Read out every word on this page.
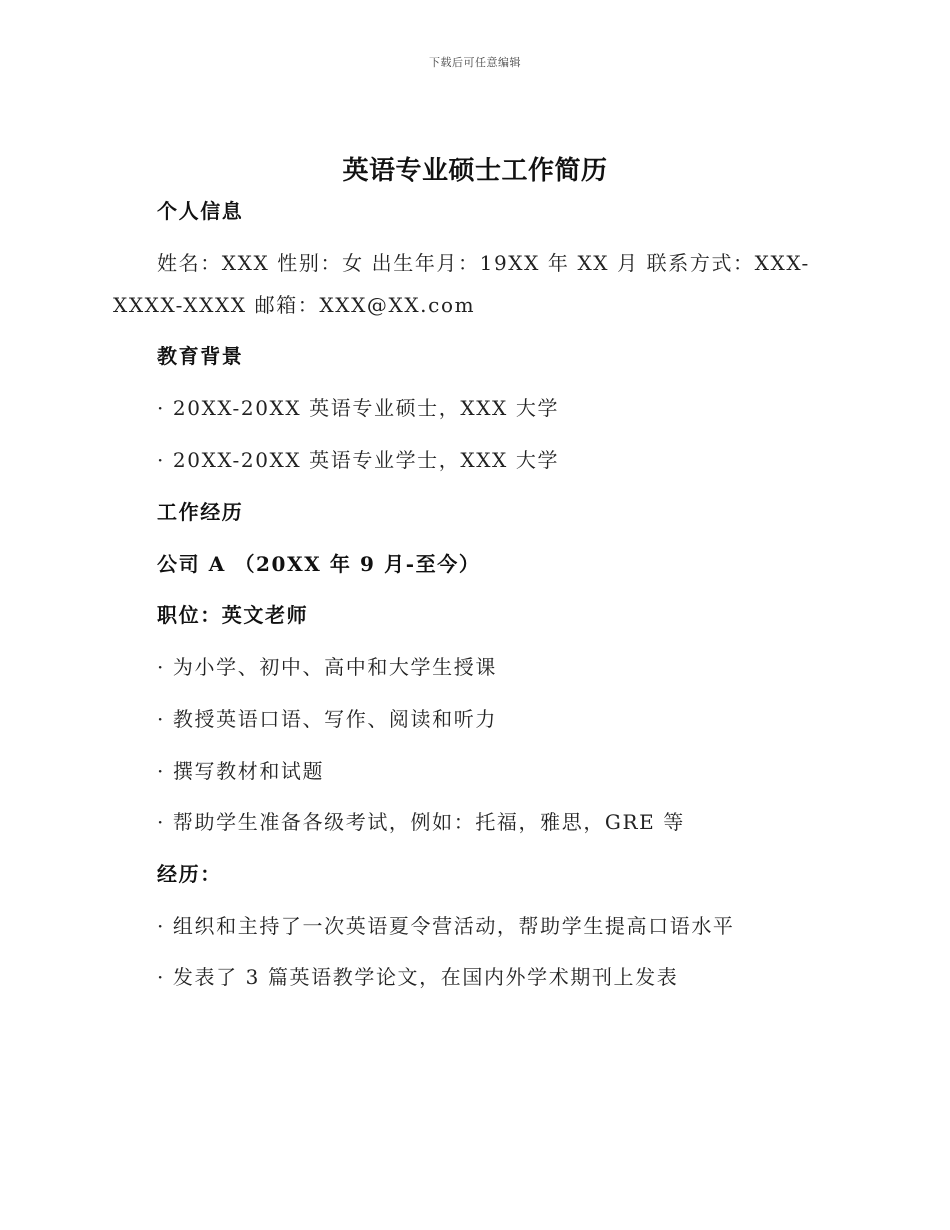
下载后可任意编辑
英语专业硕士工作简历
个人信息
姓名：XXX 性别：女 出生年月：19XX 年 XX 月 联系方式：XXX-
XXXX-XXXX 邮箱：XXX@XX.com
教育背景
· 20XX-20XX 英语专业硕士，XXX 大学
· 20XX-20XX 英语专业学士，XXX 大学
工作经历
公司 A （20XX 年 9 月-至今）
职位：英文老师
· 为小学、初中、高中和大学生授课
· 教授英语口语、写作、阅读和听力
· 撰写教材和试题
· 帮助学生准备各级考试，例如：托福，雅思，GRE 等
经历：
· 组织和主持了一次英语夏令营活动，帮助学生提高口语水平
· 发表了 3 篇英语教学论文，在国内外学术期刊上发表
